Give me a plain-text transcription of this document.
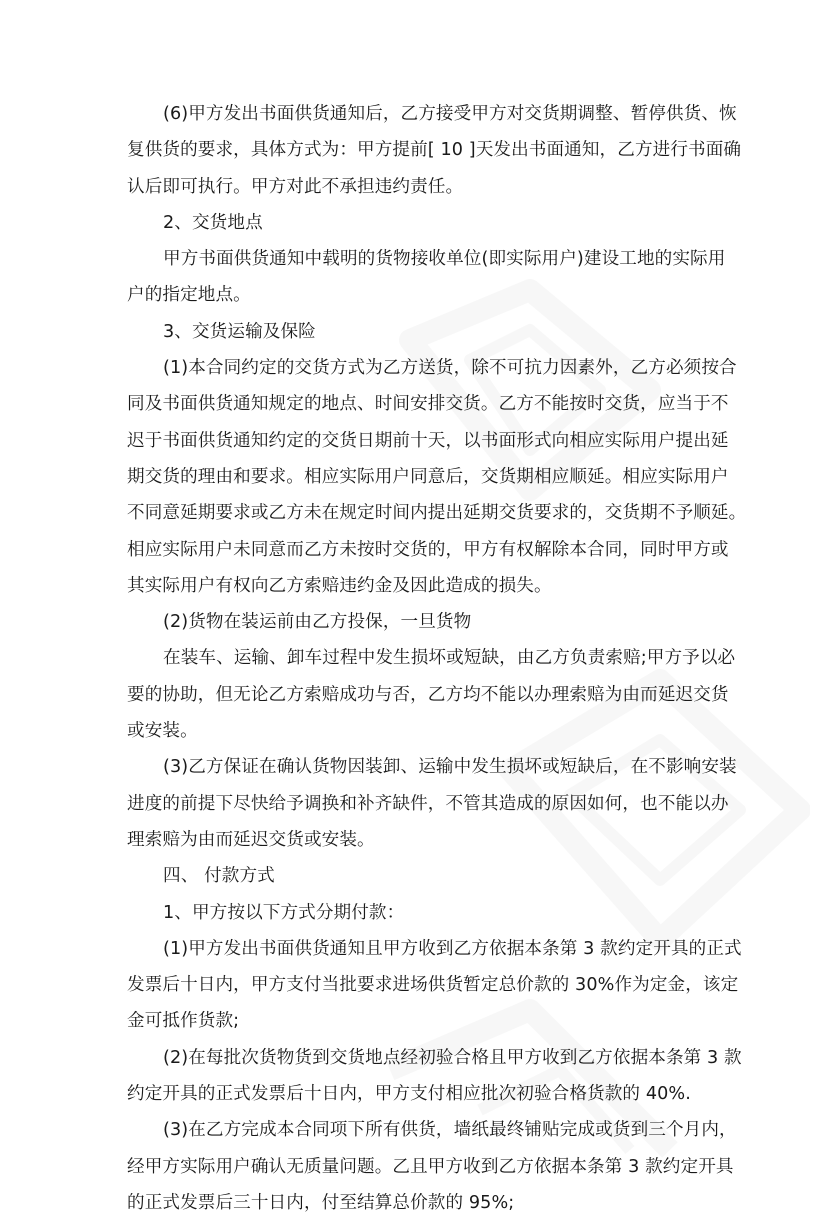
(6)甲方发出书面供货通知后，乙方接受甲方对交货期调整、暂停供货、恢
复供货的要求，具体方式为：甲方提前[ 10 ]天发出书面通知，乙方进行书面确
认后即可执行。甲方对此不承担违约责任。
2、交货地点
甲方书面供货通知中载明的货物接收单位(即实际用户)建设工地的实际用
户的指定地点。
3、交货运输及保险
(1)本合同约定的交货方式为乙方送货，除不可抗力因素外，乙方必须按合
同及书面供货通知规定的地点、时间安排交货。乙方不能按时交货，应当于不
迟于书面供货通知约定的交货日期前十天，以书面形式向相应实际用户提出延
期交货的理由和要求。相应实际用户同意后，交货期相应顺延。相应实际用户
不同意延期要求或乙方未在规定时间内提出延期交货要求的，交货期不予顺延。
相应实际用户未同意而乙方未按时交货的，甲方有权解除本合同，同时甲方或
其实际用户有权向乙方索赔违约金及因此造成的损失。
(2)货物在装运前由乙方投保，一旦货物
在装车、运输、卸车过程中发生损坏或短缺，由乙方负责索赔;甲方予以必
要的协助，但无论乙方索赔成功与否，乙方均不能以办理索赔为由而延迟交货
或安装。
(3)乙方保证在确认货物因装卸、运输中发生损坏或短缺后，在不影响安装
进度的前提下尽快给予调换和补齐缺件，不管其造成的原因如何，也不能以办
理索赔为由而延迟交货或安装。
四、 付款方式
1、甲方按以下方式分期付款：
(1)甲方发出书面供货通知且甲方收到乙方依据本条第 3 款约定开具的正式
发票后十日内，甲方支付当批要求进场供货暂定总价款的 30%作为定金，该定
金可抵作货款;
(2)在每批次货物货到交货地点经初验合格且甲方收到乙方依据本条第 3 款
约定开具的正式发票后十日内，甲方支付相应批次初验合格货款的 40%.
(3)在乙方完成本合同项下所有供货，墙纸最终铺贴完成或货到三个月内，
经甲方实际用户确认无质量问题。乙且甲方收到乙方依据本条第 3 款约定开具
的正式发票后三十日内，付至结算总价款的 95%;
